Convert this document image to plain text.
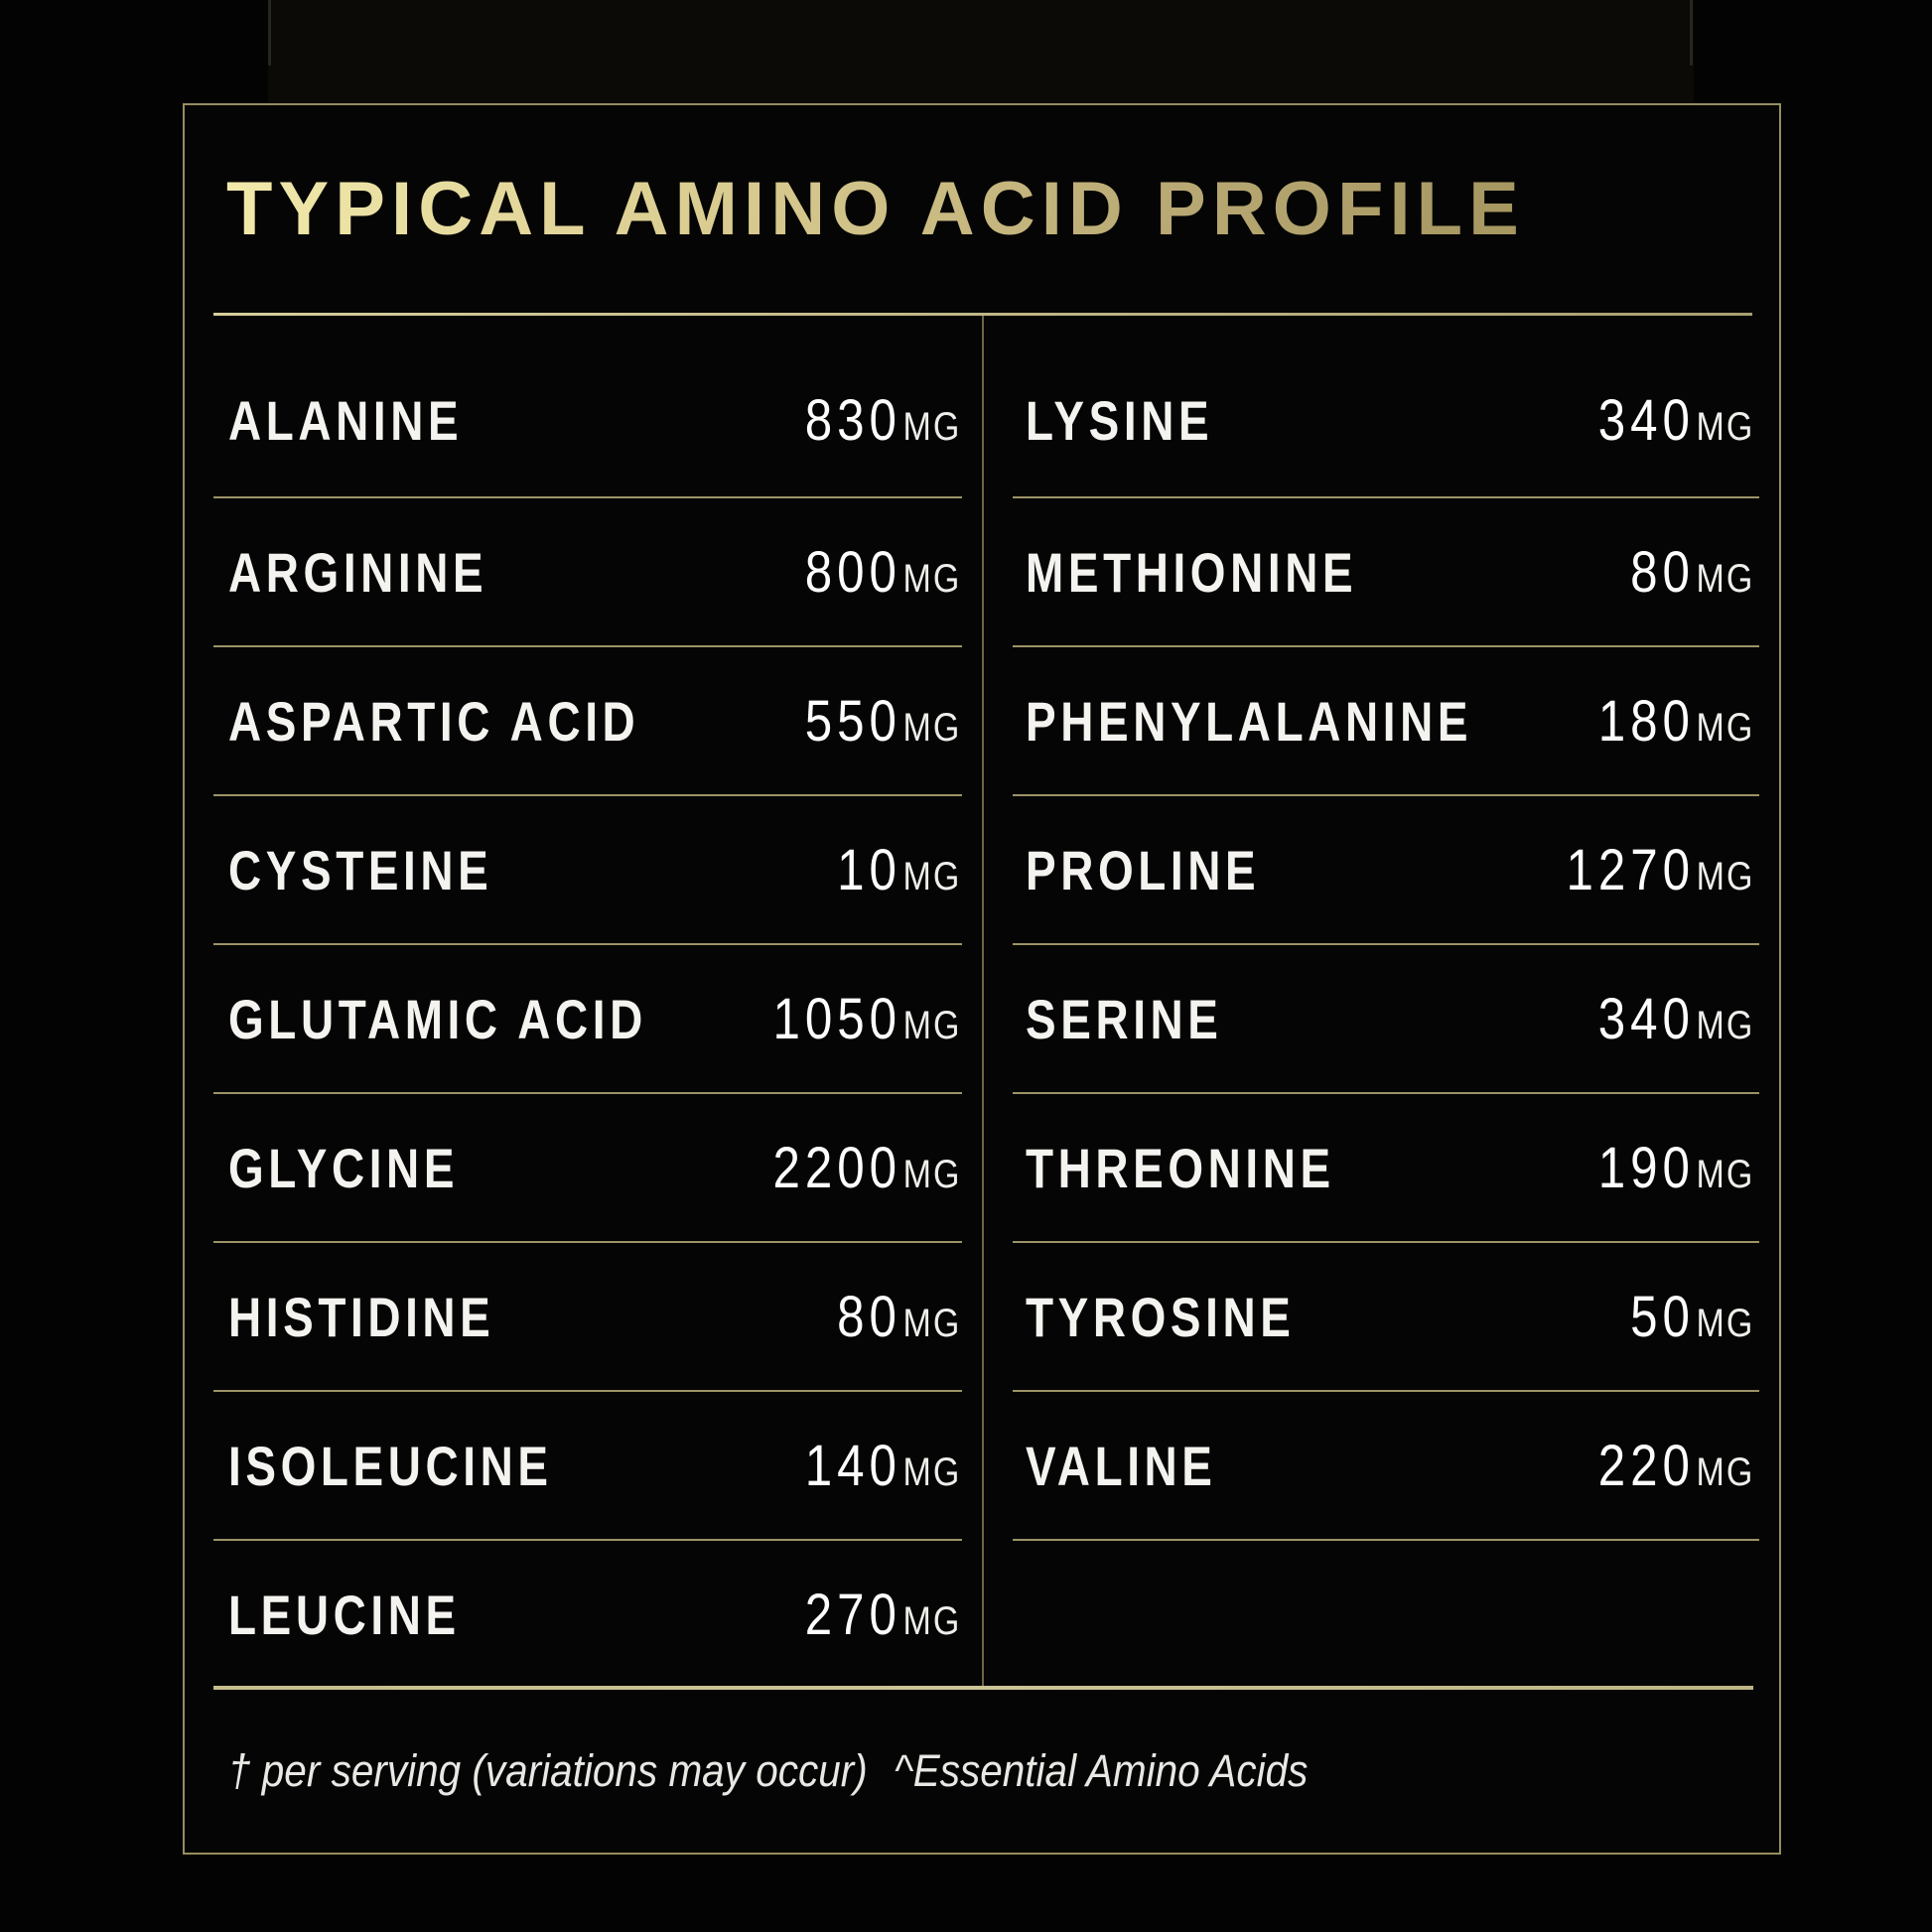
TYPICAL AMINO ACID PROFILE †
ALANINE	830 MG
ARGININE	800 MG
ASPARTIC ACID	550 MG
CYSTEINE	10 MG
GLUTAMIC ACID 1050 MG
GLYCINE	2200 MG
HISTIDINE	80 MG
ISOLEUCINE	140 MG
LEUCINE	270 MG
LYSINE	340 MG
METHIONINE	80 MG
PHENYLALANINE 180 MG
PROLINE	1270 MG
SERINE	340 MG
THREONINE	190 MG
TYROSINE	50 MG
VALINE	220 MG
† per serving (variations may occur) ^Essential Amino Acids
